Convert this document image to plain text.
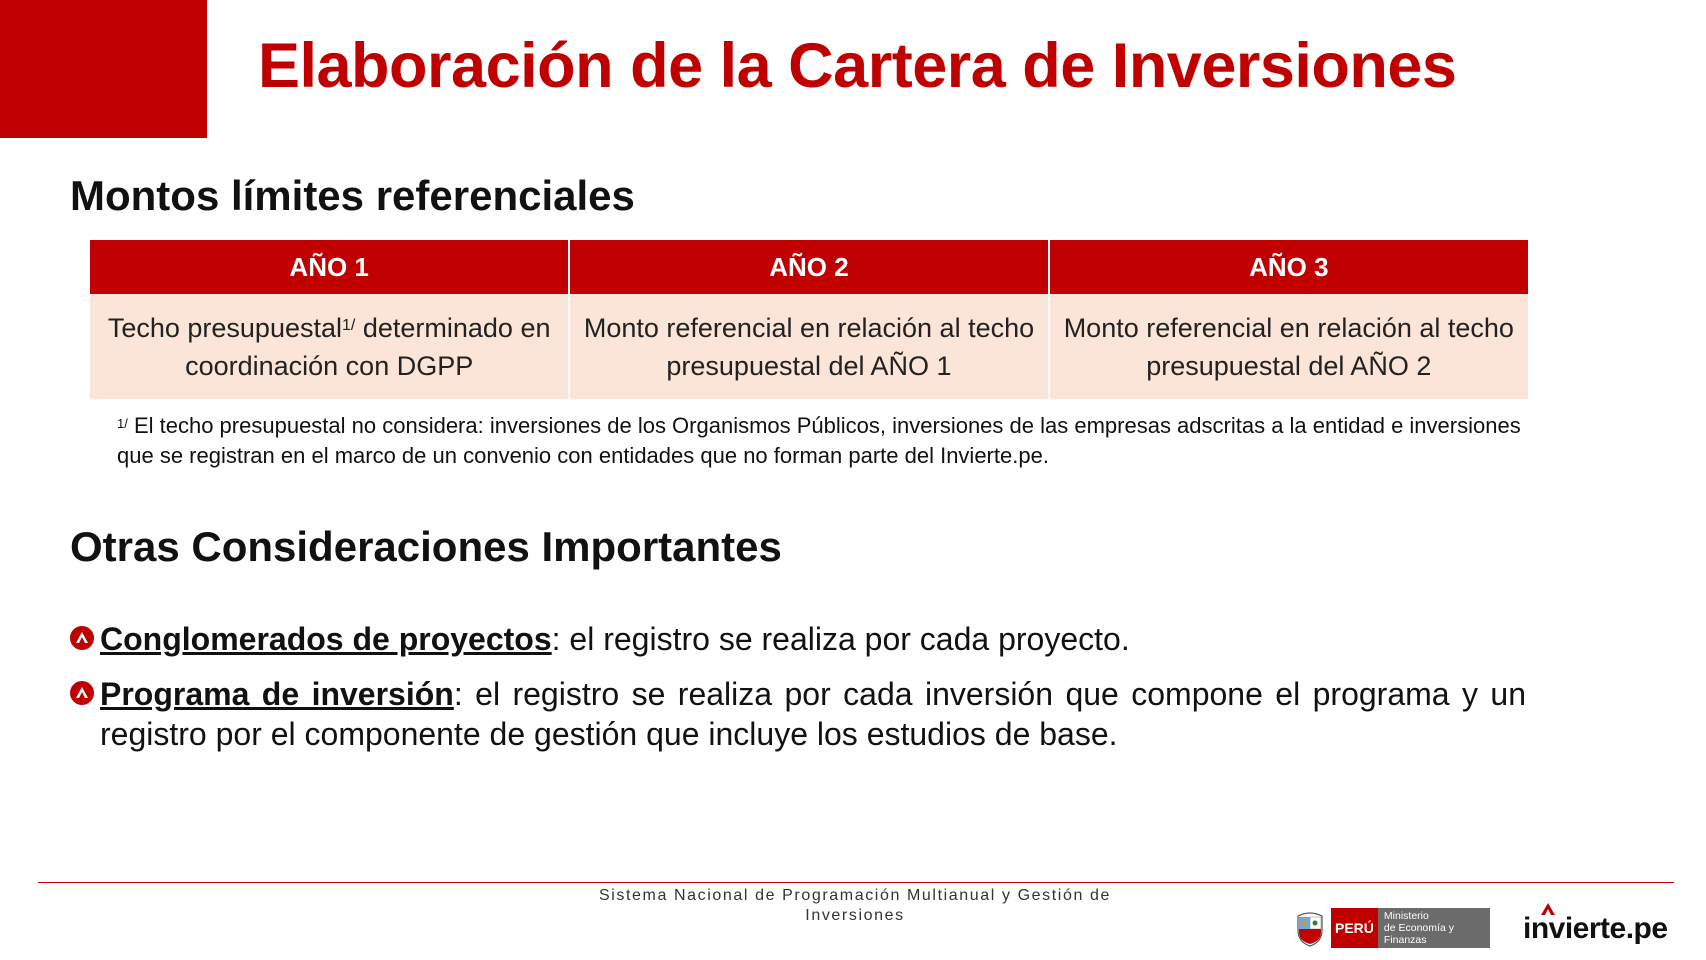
Elaboración de la Cartera de Inversiones
Montos límites referenciales
AÑO 1	AÑO 2	AÑO 3
Techo presupuestal$^{1/}$ determinado en coordinación con DGPP	Monto referencial en relación al techo presupuestal del AÑO 1	Monto referencial en relación al techo presupuestal del AÑO 2
$^{1/}$ El techo presupuestal no considera: inversiones de los Organismos Públicos, inversiones de las empresas adscritas a la entidad e inversiones que se registran en el marco de un convenio con entidades que no forman parte del Invierte.pe.
Otras Consideraciones Importantes
Conglomerados de proyectos: el registro se realiza por cada proyecto.
Programa de inversión: el registro se realiza por cada inversión que compone el programa y un registro por el componente de gestión que incluye los estudios de base.
Sistema Nacional de Programación Multianual y Gestión de Inversiones
PERÚ
Ministerio
de Economía y Finanzas	invierte.pe
